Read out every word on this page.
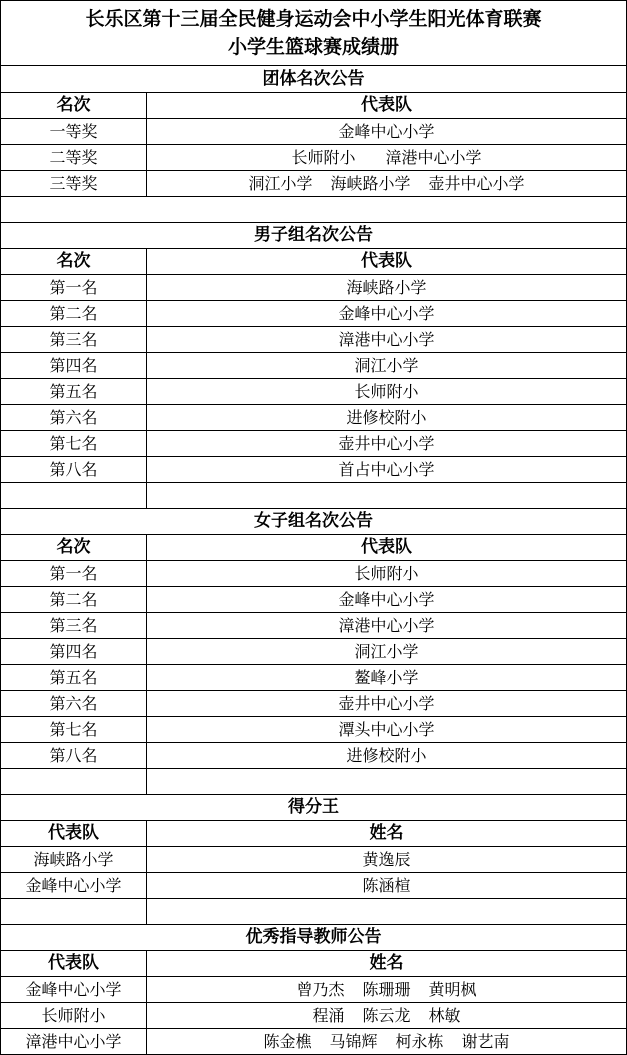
长乐区第十三届全民健身运动会中小学生阳光体育联赛
小学生篮球赛成绩册	

团体名次公告	
名次	代表队
一等奖	金峰中心小学
二等奖	长师附小 漳港中心小学
三等奖	洞江小学 海峡路小学 壶井中心小学

男子组名次公告	
名次	代表队
第一名	海峡路小学
第二名	金峰中心小学
第三名	漳港中心小学
第四名	洞江小学
第五名	长师附小
第六名	进修校附小
第七名	壶井中心小学
第八名	首占中心小学

女子组名次公告	
名次	代表队
第一名	长师附小
第二名	金峰中心小学
第三名	漳港中心小学
第四名	洞江小学
第五名	鳌峰小学
第六名	壶井中心小学
第七名	潭头中心小学
第八名	进修校附小

得分王	
代表队	姓名
海峡路小学	黄逸辰
金峰中心小学	陈涵楦

优秀指导教师公告	
代表队	姓名
金峰中心小学	曾乃杰 陈珊珊 黄明枫
长师附小	程涌 陈云龙 林敏
漳港中心小学	陈金樵 马锦辉 柯永栋 谢艺南
